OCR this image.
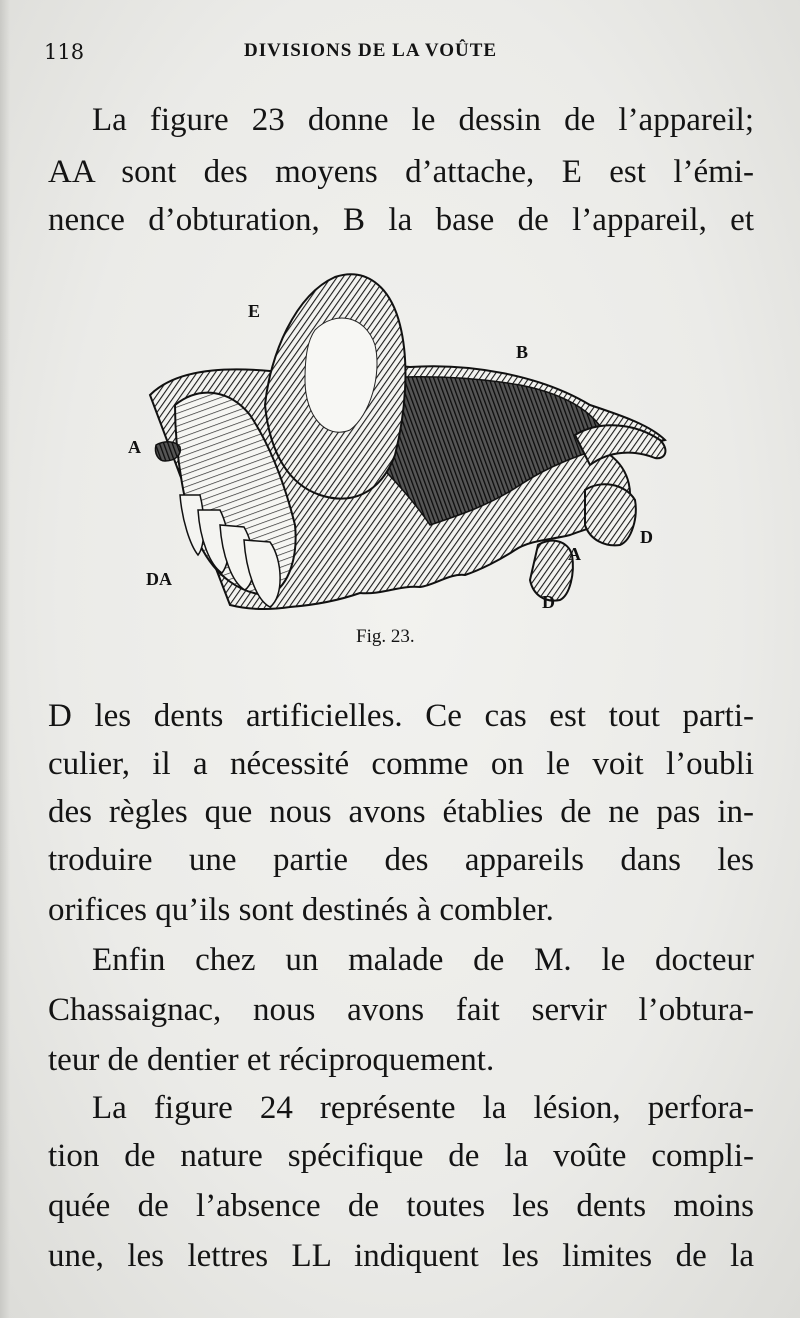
118	DIVISIONS DE LA VOÛTE
La figure 23 donne le dessin de l’appareil;
AA sont des moyens d’attache, E est l’émi-
nence d’obturation, B la base de l’appareil, et
E
B
A
DA
A
D
D
Fig. 23.
D les dents artificielles. Ce cas est tout parti-
culier, il a nécessité comme on le voit l’oubli
des règles que nous avons établies de ne pas in-
troduire une partie des appareils dans les
orifices qu’ils sont destinés à combler.
Enfin chez un malade de M. le docteur
Chassaignac, nous avons fait servir l’obtura-
teur de dentier et réciproquement.
La figure 24 représente la lésion, perfora-
tion de nature spécifique de la voûte compli-
quée de l’absence de toutes les dents moins
une, les lettres LL indiquent les limites de la
